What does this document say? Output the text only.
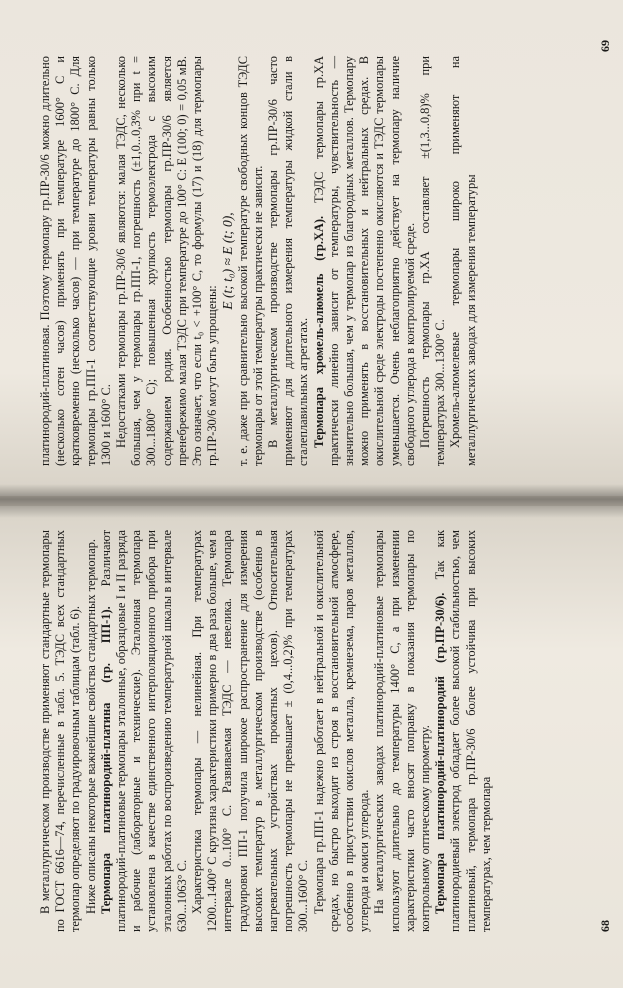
В металлургическом производстве применяют стандартные термопары по ГОСТ 6616—74, перечисленные в табл. 5. ТЭДС всех стандартных термопар определяют по градуировочным таблицам (табл. 6). Ниже описаны некоторые важнейшие свойства стандартных термопар. Термопара платинородий-платина (гр. ПП-1). Различают платинородий-платиновые термопары эталонные, образцовые I и II разряда и рабочие (лабораторные и технические). Эталонная термопара установлена в качестве единственного интерполяционного прибора при эталонных работах по воспроизведению температурной шкалы в интервале 630...1063° С. Характеристика термопары — нелинейная. При температурах 1200...1400° С крутизна характеристики примерно в два раза больше, чем в интервале 0...100° С. Развиваемая ТЭДС — невелика. Термопара градуировки ПП-1 получила широкое распространение для измерения высоких температур в металлургическом производстве (особенно в нагревательных устройствах прокатных цехов). Относительная погрешность термопары не превышает ± (0,4...0,2)% при температурах 300...1600° С. Термопара гр.ПП-1 надежно работает в нейтральной и окислительной средах, но быстро выходит из строя в восстановительной атмосфере, особенно в присутствии окислов металла, кремнезема, паров металлов, углерода и окиси углерода. На металлургических заводах платинородий-платиновые термопары используют длительно до температуры 1400° С, а при изменении характеристики часто вносят поправку в показания термопары по контрольному оптическому пирометру. Термопара платинородий-платинородий (гр.ПР-30/6). Так как платинородиевый электрод обладает более высокой стабильностью, чем платиновый, термопара гр.ПР-30/6 более устойчива при высоких температурах, чем термопара	68

платинородий-платиновая. Поэтому термопару гр.ПР-30/6 можно длительно (несколько сотен часов) применять при температуре 1600° С и кратковременно (несколько часов) — при температуре до 1800° С. Для термопары гр.ПП-1 соответствующие уровни температуры равны только 1300 и 1600° С. Недостатками термопары гр.ПР-30/6 являются: малая ТЭДС, несколько большая, чем у термопары гр.ПП-1, погрешность (±1,0...0,3% при t = 300...1800° С); повышенная хрупкость термоэлектрода с высоким содержанием родия. Особенностью термопары гр.ПР-30/6 является пренебрежимо малая ТЭДС при температуре до 100° С: E (100; 0) = 0,05 мВ. Это означает, что если t₀ < +100° С, то формулы (17) и (18) для термопары гр.ПР-30/6 могут быть упрощены:

E (t; t₀) ≈ E (t; 0), т. е. даже при сравнительно высокой температуре свободных концов ТЭДС термопары от этой температуры практически не зависит. В металлургическом производстве термопары гр.ПР-30/6 часто применяют для длительного измерения температуры жидкой стали в сталеплавильных агрегатах. Термопара хромель-алюмель (гр.ХА). ТЭДС термопары гр.ХА практически линейно зависит от температуры, чувствительность — значительно большая, чем у термопар из благородных металлов. Термопару можно применять в восстановительных и нейтральных средах. В окислительной среде электроды постепенно окисляются и ТЭДС термопары уменьшается. Очень неблагоприятно действует на термопару наличие свободного углерода в контролируемой среде. Погрешность термопары гр.ХА составляет ±(1,3...0,8)% при температурах 300...1300° С. Хромель-алюмелевые термопары широко применяют на металлургических заводах для измерения температуры

69
